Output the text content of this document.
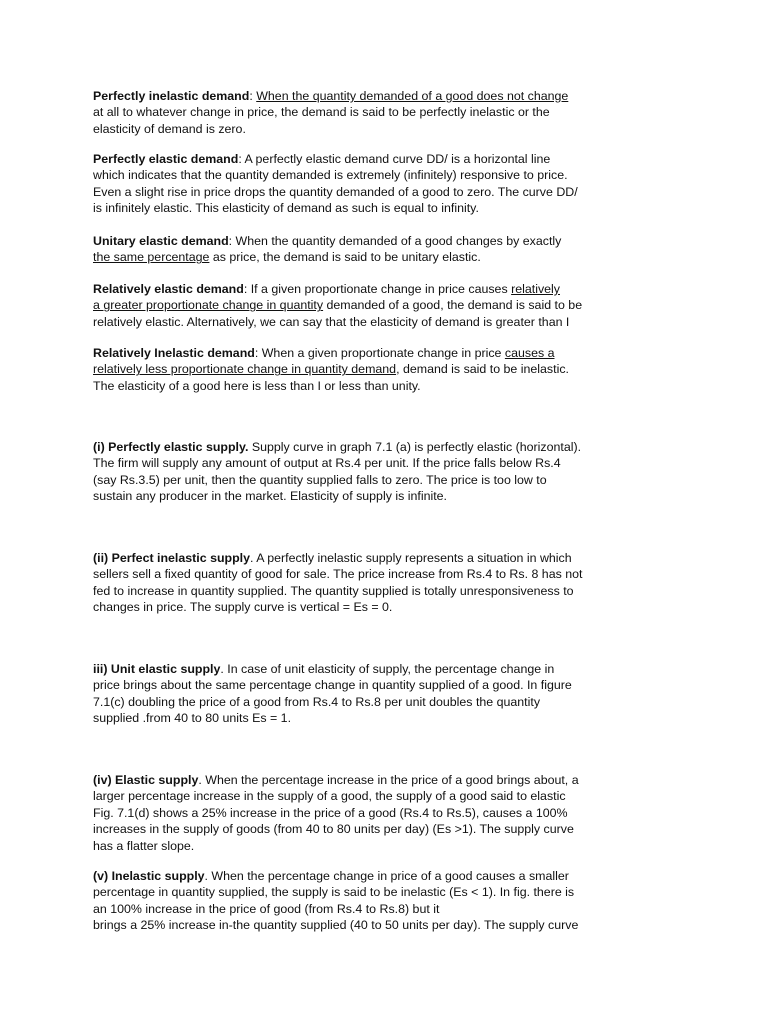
Perfectly inelastic demand: When the quantity demanded of a good does not change
at all to whatever change in price, the demand is said to be perfectly inelastic or the
elasticity of demand is zero.
Perfectly elastic demand: A perfectly elastic demand curve DD/ is a horizontal line
which indicates that the quantity demanded is extremely (infinitely) responsive to price.
Even a slight rise in price drops the quantity demanded of a good to zero. The curve DD/
is infinitely elastic. This elasticity of demand as such is equal to infinity.
Unitary elastic demand: When the quantity demanded of a good changes by exactly
the same percentage as price, the demand is said to be unitary elastic.
Relatively elastic demand: If a given proportionate change in price causes relatively
a greater proportionate change in quantity demanded of a good, the demand is said to be
relatively elastic. Alternatively, we can say that the elasticity of demand is greater than I
Relatively Inelastic demand: When a given proportionate change in price causes a
relatively less proportionate change in quantity demand, demand is said to be inelastic.
The elasticity of a good here is less than I or less than unity.
(i) Perfectly elastic supply. Supply curve in graph 7.1 (a) is perfectly elastic (horizontal).
The firm will supply any amount of output at Rs.4 per unit. If the price falls below Rs.4
(say Rs.3.5) per unit, then the quantity supplied falls to zero. The price is too low to
sustain any producer in the market. Elasticity of supply is infinite.
(ii) Perfect inelastic supply. A perfectly inelastic supply represents a situation in which
sellers sell a fixed quantity of good for sale. The price increase from Rs.4 to Rs. 8 has not
fed to increase in quantity supplied. The quantity supplied is totally unresponsiveness to
changes in price. The supply curve is vertical = Es = 0.
iii) Unit elastic supply. In case of unit elasticity of supply, the percentage change in
price brings about the same percentage change in quantity supplied of a good. In figure
7.1(c) doubling the price of a good from Rs.4 to Rs.8 per unit doubles the quantity
supplied .from 40 to 80 units Es = 1.
(iv) Elastic supply. When the percentage increase in the price of a good brings about, a
larger percentage increase in the supply of a good, the supply of a good said to elastic
Fig. 7.1(d) shows a 25% increase in the price of a good (Rs.4 to Rs.5), causes a 100%
increases in the supply of goods (from 40 to 80 units per day) (Es >1). The supply curve
has a flatter slope.
(v) Inelastic supply. When the percentage change in price of a good causes a smaller
percentage in quantity supplied, the supply is said to be inelastic (Es < 1). In fig. there is
an 100% increase in the price of good (from Rs.4 to Rs.8) but it
brings a 25% increase in-the quantity supplied (40 to 50 units per day). The supply curve
